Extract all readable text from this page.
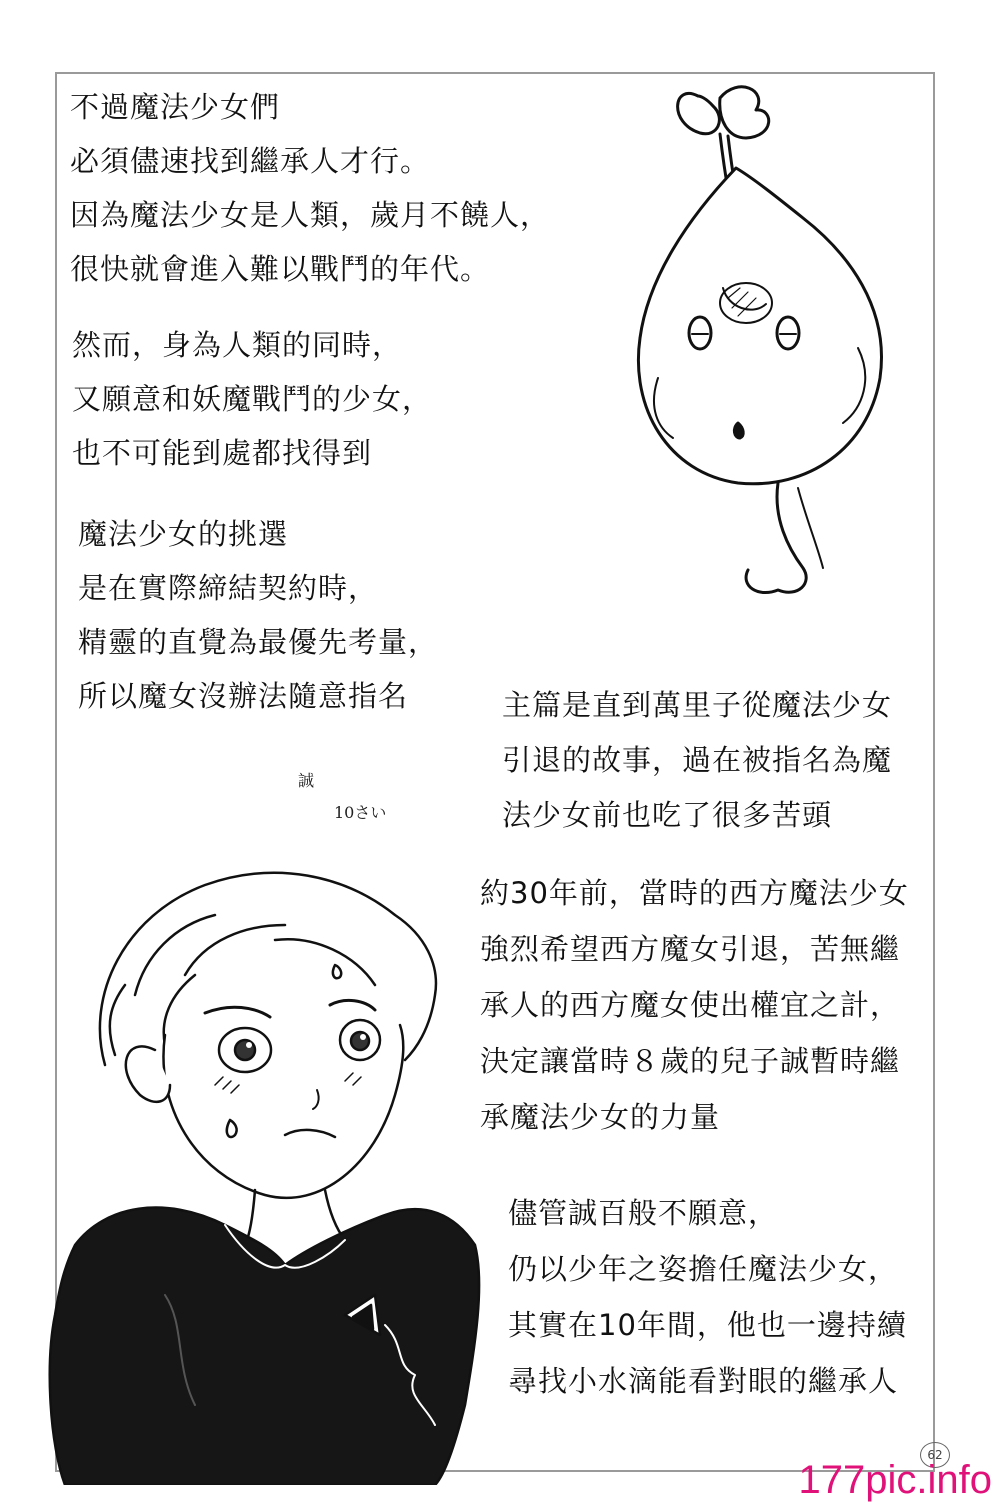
不過魔法少女們
必須儘速找到繼承人才行。
因為魔法少女是人類，歲月不饒人，
很快就會進入難以戰鬥的年代。
然而，身為人類的同時，
又願意和妖魔戰鬥的少女，
也不可能到處都找得到
魔法少女的挑選
是在實際締結契約時，
精靈的直覺為最優先考量，
所以魔女沒辦法隨意指名	主篇是直到萬里子從魔法少女
引退的故事，過在被指名為魔
法少女前也吃了很多苦頭
約30年前，當時的西方魔法少女
強烈希望西方魔女引退，苦無繼
承人的西方魔女使出權宜之計，
決定讓當時８歲的兒子誠暫時繼
承魔法少女的力量
儘管誠百般不願意，
仍以少年之姿擔任魔法少女，
其實在10年間，他也一邊持續
尋找小水滴能看對眼的繼承人
誠
10さい
62
177pic.info
